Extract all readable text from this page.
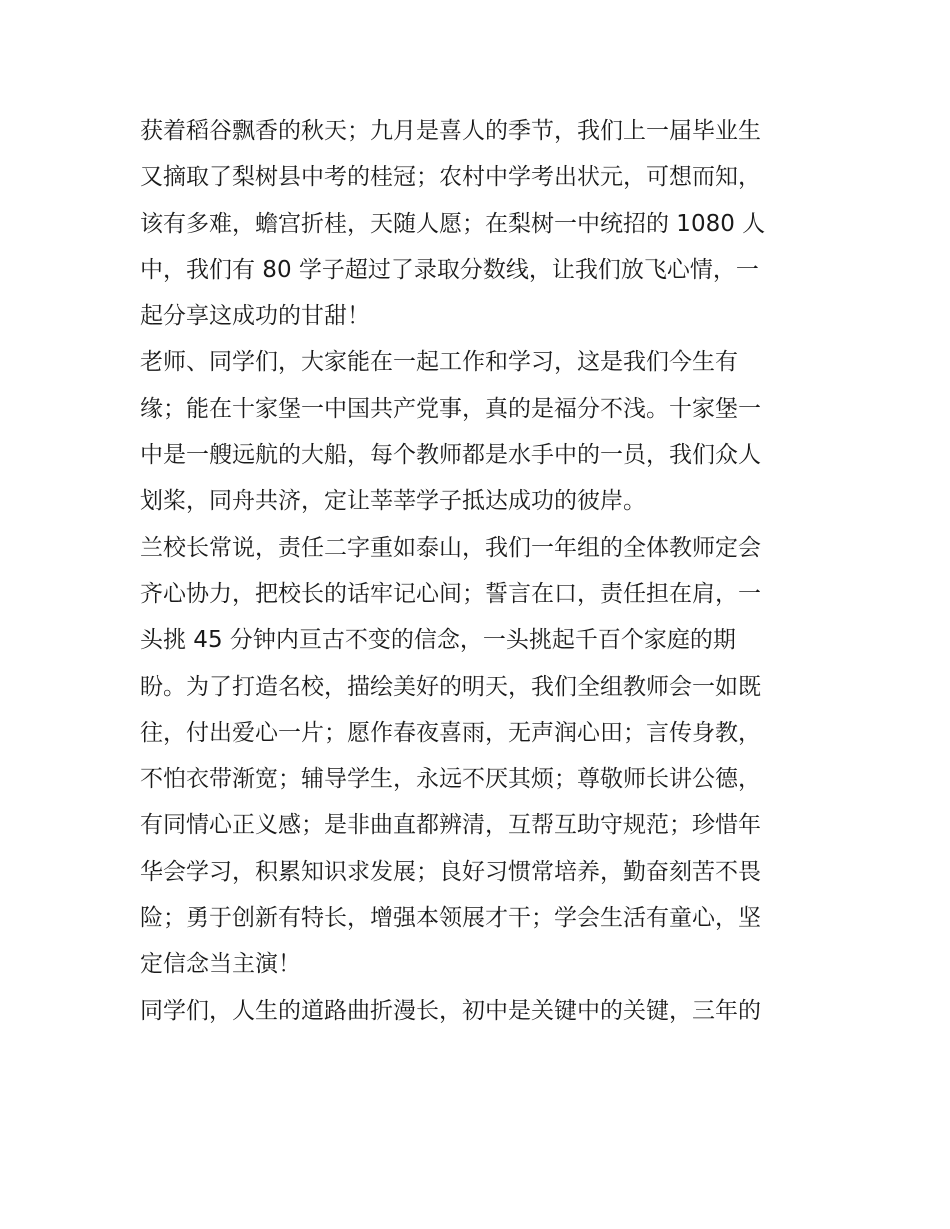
获着稻谷飘香的秋天；九月是喜人的季节，我们上一届毕业生
又摘取了梨树县中考的桂冠；农村中学考出状元，可想而知，
该有多难，蟾宫折桂，天随人愿；在梨树一中统招的 1080 人
中，我们有 80 学子超过了录取分数线，让我们放飞心情，一
起分享这成功的甘甜！
老师、同学们，大家能在一起工作和学习，这是我们今生有
缘；能在十家堡一中国共产党事，真的是福分不浅。十家堡一
中是一艘远航的大船，每个教师都是水手中的一员，我们众人
划桨，同舟共济，定让莘莘学子抵达成功的彼岸。
兰校长常说，责任二字重如泰山，我们一年组的全体教师定会
齐心协力，把校长的话牢记心间；誓言在口，责任担在肩，一
头挑 45 分钟内亘古不变的信念，一头挑起千百个家庭的期
盼。为了打造名校，描绘美好的明天，我们全组教师会一如既
往，付出爱心一片；愿作春夜喜雨，无声润心田；言传身教，
不怕衣带渐宽；辅导学生，永远不厌其烦；尊敬师长讲公德，
有同情心正义感；是非曲直都辨清，互帮互助守规范；珍惜年
华会学习，积累知识求发展；良好习惯常培养，勤奋刻苦不畏
险；勇于创新有特长，增强本领展才干；学会生活有童心，坚
定信念当主演！
同学们，人生的道路曲折漫长，初中是关键中的关键，三年的
